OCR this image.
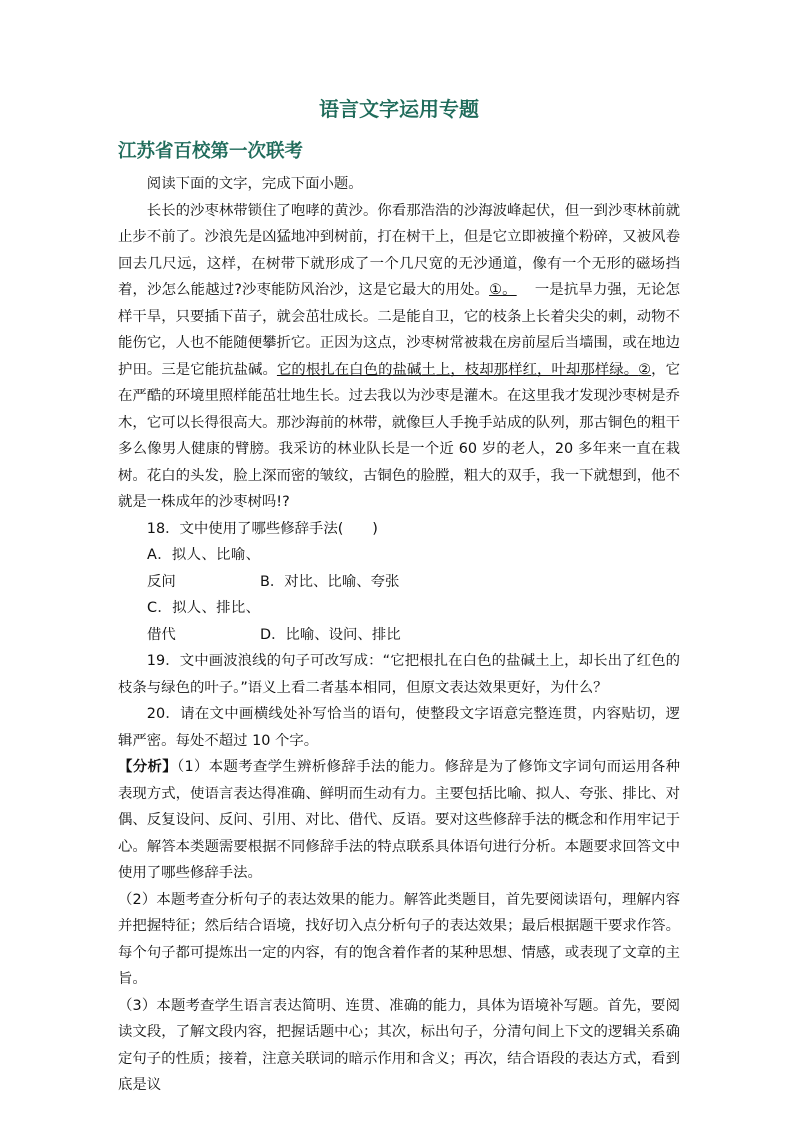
语言文字运用专题
江苏省百校第一次联考

阅读下面的文字，完成下面小题。

长长的沙枣林带锁住了咆哮的黄沙。你看那浩浩的沙海波峰起伏，但一到沙枣林前就止步不前了。沙浪先是凶猛地冲到树前，打在树干上，但是它立即被撞个粉碎，又被风卷回去几尺远，这样，在树带下就形成了一个几尺宽的无沙通道，像有一个无形的磁场挡着，沙怎么能越过?沙枣能防风治沙，这是它最大的用处。①。 一是抗旱力强，无论怎样干旱，只要插下苗子，就会茁壮成长。二是能自卫，它的枝条上长着尖尖的刺，动物不能伤它，人也不能随便攀折它。正因为这点，沙枣树常被栽在房前屋后当墙围，或在地边护田。三是它能抗盐碱。它的根扎在白色的盐碱土上，枝却那样红，叶却那样绿。②，它在严酷的环境里照样能茁壮地生长。过去我以为沙枣是灌木。在这里我才发现沙枣树是乔木，它可以长得很高大。那沙海前的林带，就像巨人手挽手站成的队列，那古铜色的粗干多么像男人健康的臂膀。我采访的林业队长是一个近 60 岁的老人，20 多年来一直在栽树。花白的头发，脸上深而密的皱纹，古铜色的脸膛，粗大的双手，我一下就想到，他不就是一株成年的沙枣树吗!?

18．文中使用了哪些修辞手法(　　)

A．拟人、比喻、反问	B．对比、比喻、夸张

C．拟人、排比、借代	D．比喻、设问、排比

19．文中画波浪线的句子可改写成：“它把根扎在白色的盐碱土上，却长出了红色的枝条与绿色的叶子。”语义上看二者基本相同，但原文表达效果更好，为什么？

20．请在文中画横线处补写恰当的语句，使整段文字语意完整连贯，内容贴切，逻辑严密。每处不超过 10 个字。

【分析】（1）本题考查学生辨析修辞手法的能力。修辞是为了修饰文字词句而运用各种表现方式，使语言表达得准确、鲜明而生动有力。主要包括比喻、拟人、夸张、排比、对偶、反复设问、反问、引用、对比、借代、反语。要对这些修辞手法的概念和作用牢记于心。解答本类题需要根据不同修辞手法的特点联系具体语句进行分析。本题要求回答文中使用了哪些修辞手法。

（2）本题考查分析句子的表达效果的能力。解答此类题目，首先要阅读语句，理解内容并把握特征；然后结合语境，找好切入点分析句子的表达效果；最后根据题干要求作答。每个句子都可提炼出一定的内容，有的饱含着作者的某种思想、情感，或表现了文章的主旨。

（3）本题考查学生语言表达简明、连贯、准确的能力，具体为语境补写题。首先，要阅读文段，了解文段内容，把握话题中心；其次，标出句子，分清句间上下文的逻辑关系确定句子的性质；接着，注意关联词的暗示作用和含义；再次，结合语段的表达方式，看到底是议
